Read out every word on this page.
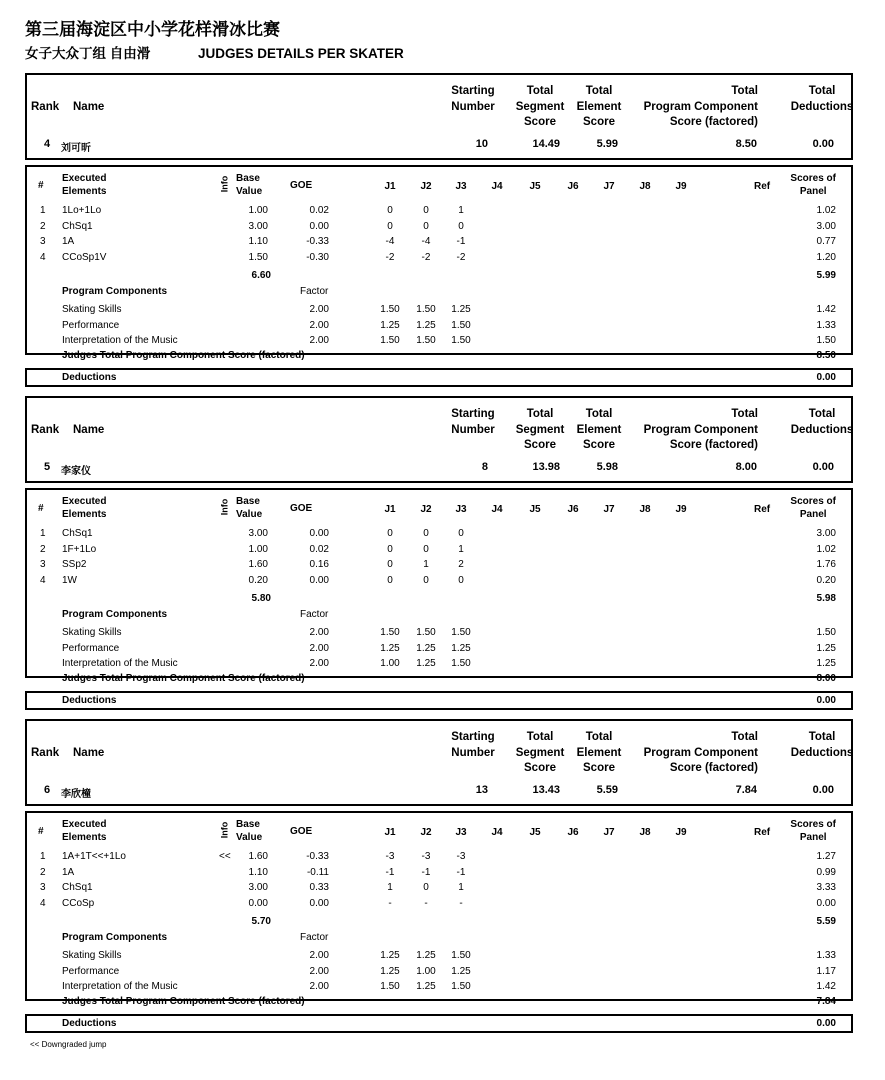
第三届海淀区中小学花样滑冰比赛
女子大众丁组 自由滑	JUDGES DETAILS PER SKATER
Rank Name
Starting
Number
Total
Segment
Score
Total
Element
Score
Total
Program Component
Score (factored)
Total
Deductions
4 刘可昕	10	14.49	5.99	8.50	0.00
#
Executed
Elements	Info Base
Value
GOE	J1	J2	J3	J4	J5	J6	J7	J8	J9	Ref
Scores of
Panel
1 1Lo+1Lo	1.00	0.02	0	0	1	1.02
2 ChSq1	3.00	0.00	0	0	0	3.00
3 1A	1.10	-0.33	-4	-4	-1	0.77
4 CCoSp1V	1.50	-0.30	-2	-2	-2	1.20
6.60	5.99
Program Components	Factor
Skating Skills	2.00	1.50	1.50	1.25	1.42
Performance	2.00	1.25	1.25	1.50	1.33
Interpretation of the Music	2.00	1.50	1.50	1.50	1.50
Judges Total Program Component Score (factored)	8.50
Deductions	0.00
Rank Name
Starting
Number
Total
Segment
Score
Total
Element
Score
Total
Program Component
Score (factored)
Total
Deductions
5 李家仪	8	13.98	5.98	8.00	0.00
#
Executed
Elements	Info Base
Value
GOE	J1	J2	J3	J4	J5	J6	J7	J8	J9	Ref
Scores of
Panel
1 ChSq1	3.00	0.00	0	0	0	3.00
2 1F+1Lo	1.00	0.02	0	0	1	1.02
3 SSp2	1.60	0.16	0	1	2	1.76
4 1W	0.20	0.00	0	0	0	0.20
5.80	5.98
Program Components	Factor
Skating Skills	2.00	1.50	1.50	1.50	1.50
Performance	2.00	1.25	1.25	1.25	1.25
Interpretation of the Music	2.00	1.00	1.25	1.50	1.25
Judges Total Program Component Score (factored)	8.00
Deductions	0.00
Rank Name
Starting
Number
Total
Segment
Score
Total
Element
Score
Total
Program Component
Score (factored)
Total
Deductions
6 李欣橦	13	13.43	5.59	7.84	0.00
#
Executed
Elements	Info Base
Value
GOE	J1	J2	J3	J4	J5	J6	J7	J8	J9	Ref
Scores of
Panel
1 1A+1T<<+1Lo	<< 1.60	-0.33	-3	-3	-3	1.27
2 1A	1.10	-0.11	-1	-1	-1	0.99
3 ChSq1	3.00	0.33	1	0	1	3.33
4 CCoSp	0.00	0.00	-	-	-	0.00
5.70	5.59
Program Components	Factor
Skating Skills	2.00	1.25	1.25	1.50	1.33
Performance	2.00	1.25	1.00	1.25	1.17
Interpretation of the Music	2.00	1.50	1.25	1.50	1.42
Judges Total Program Component Score (factored)	7.84
Deductions	0.00
<< Downgraded jump
